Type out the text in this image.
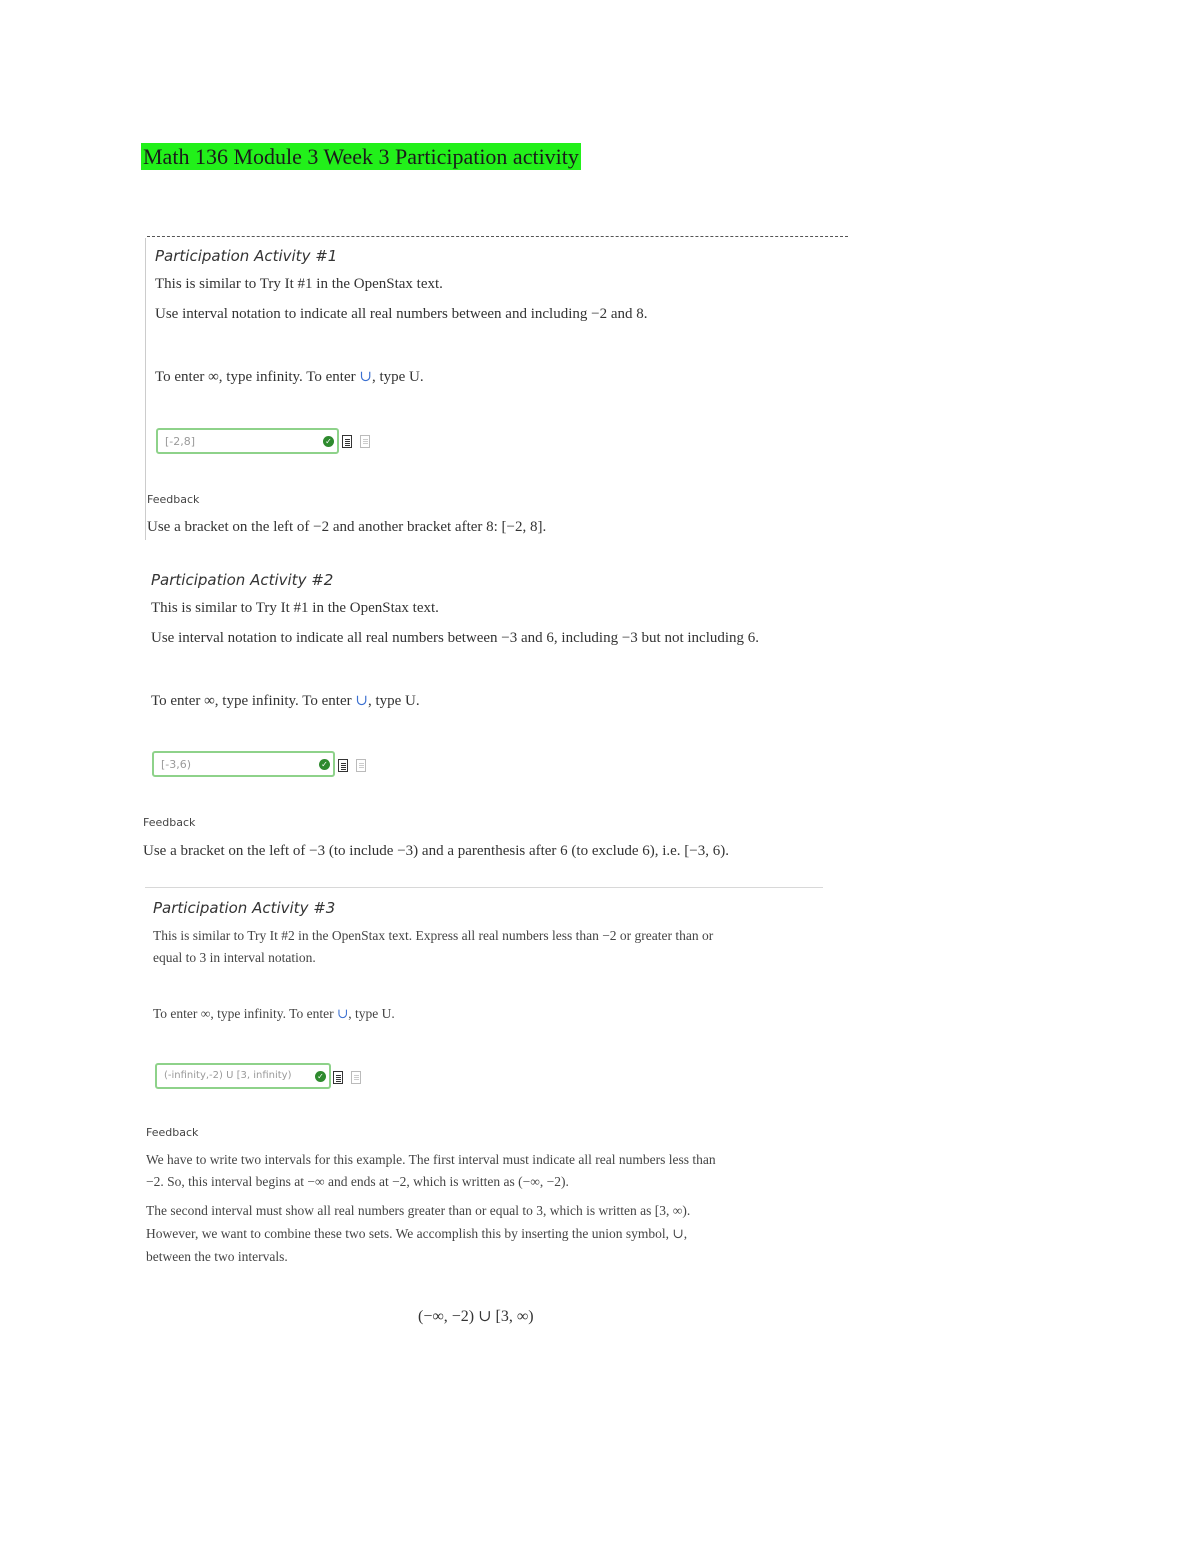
Math 136 Module 3 Week 3 Participation activity
Participation Activity #1
This is similar to Try It #1 in the OpenStax text.
Use interval notation to indicate all real numbers between and including −2 and 8.
To enter ∞, type infinity. To enter ∪, type U.
[-2,8]	✓
Feedback
Use a bracket on the left of −2 and another bracket after 8: [−2, 8].
Participation Activity #2
This is similar to Try It #1 in the OpenStax text.
Use interval notation to indicate all real numbers between −3 and 6, including −3 but not including 6.
To enter ∞, type infinity. To enter ∪, type U.
[-3,6)	✓
Feedback
Use a bracket on the left of −3 (to include −3) and a parenthesis after 6 (to exclude 6), i.e. [−3, 6).
Participation Activity #3
This is similar to Try It #2 in the OpenStax text. Express all real numbers less than −2 or greater than or
equal to 3 in interval notation.
To enter ∞, type infinity. To enter ∪, type U.
(-infinity,-2) U [3, infinity)	✓
Feedback
We have to write two intervals for this example. The first interval must indicate all real numbers less than
−2. So, this interval begins at −∞ and ends at −2, which is written as (−∞, −2).
The second interval must show all real numbers greater than or equal to 3, which is written as [3, ∞).
However, we want to combine these two sets. We accomplish this by inserting the union symbol, ∪,
between the two intervals.
(−∞, −2) ∪ [3, ∞)
